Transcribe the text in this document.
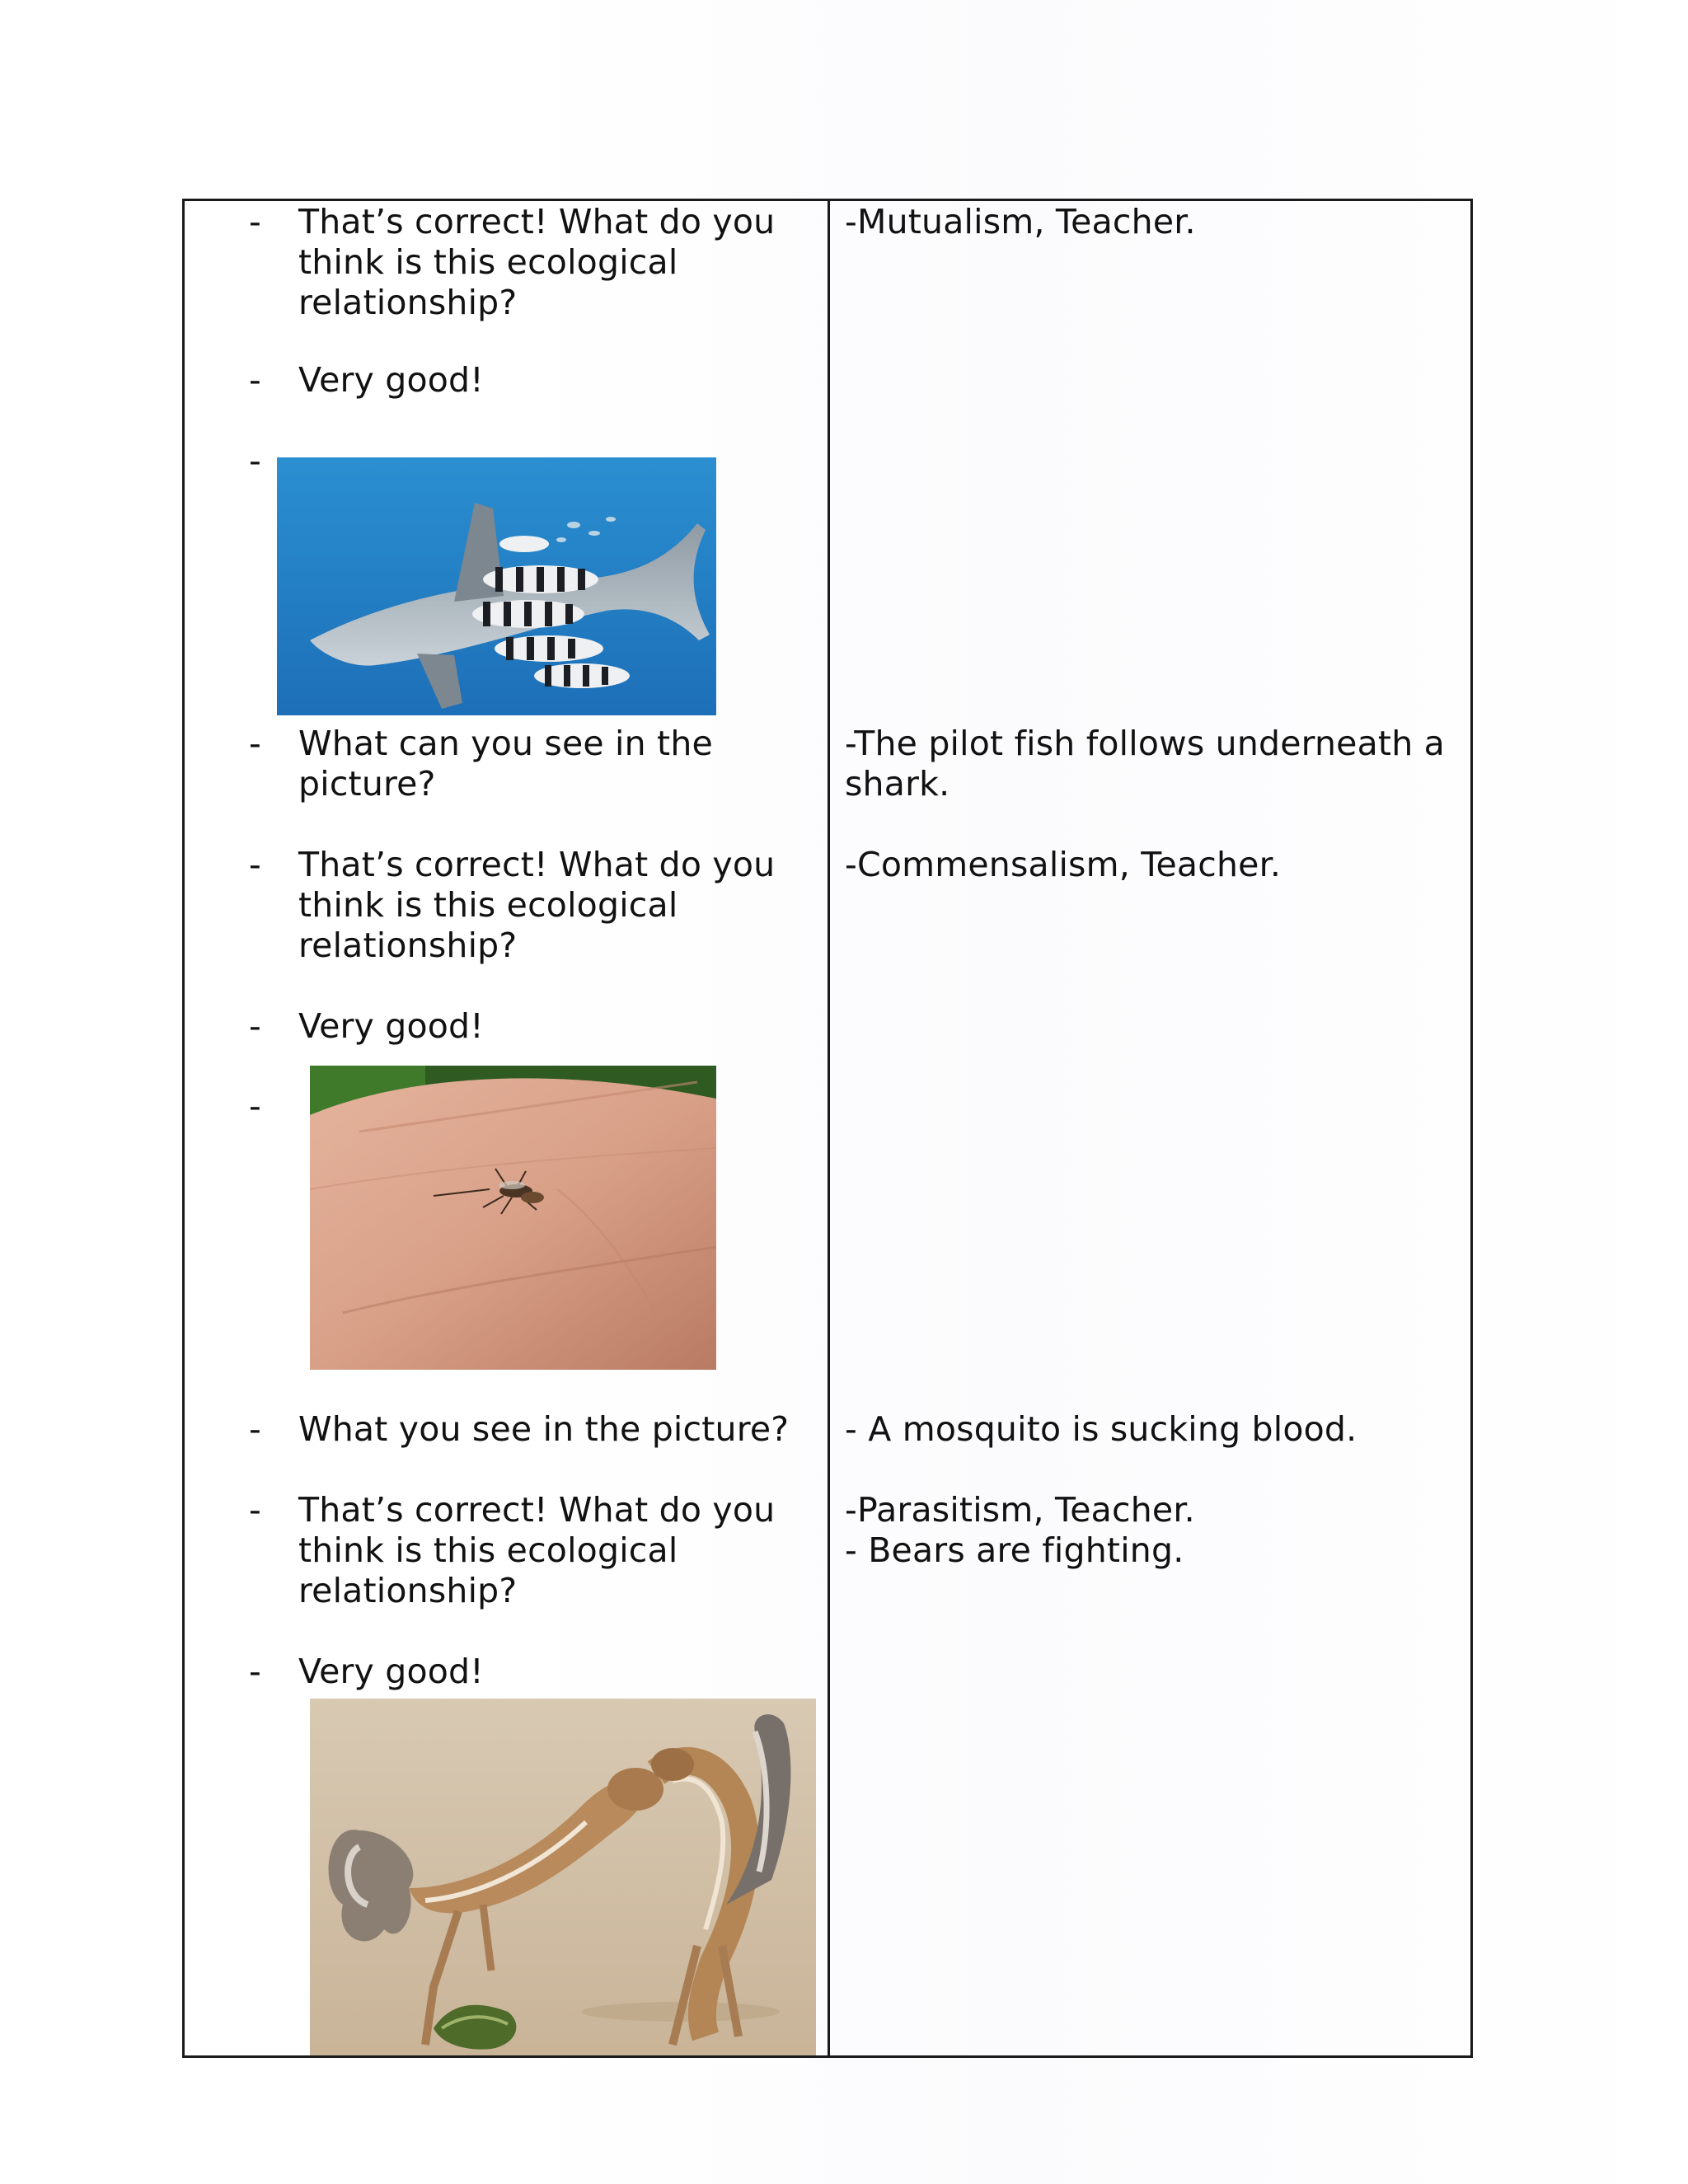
- That’s correct! What do you
think is this ecological
relationship?
- Very good!
-
- What can you see in the
picture?
- That’s correct! What do you
think is this ecological
relationship?
- Very good!
-
- What you see in the picture?
- That’s correct! What do you
think is this ecological
relationship?
- Very good!
-Mutualism, Teacher.
-The pilot fish follows underneath a
shark.
-Commensalism, Teacher.
- A mosquito is sucking blood.
-Parasitism, Teacher.
- Bears are fighting.
